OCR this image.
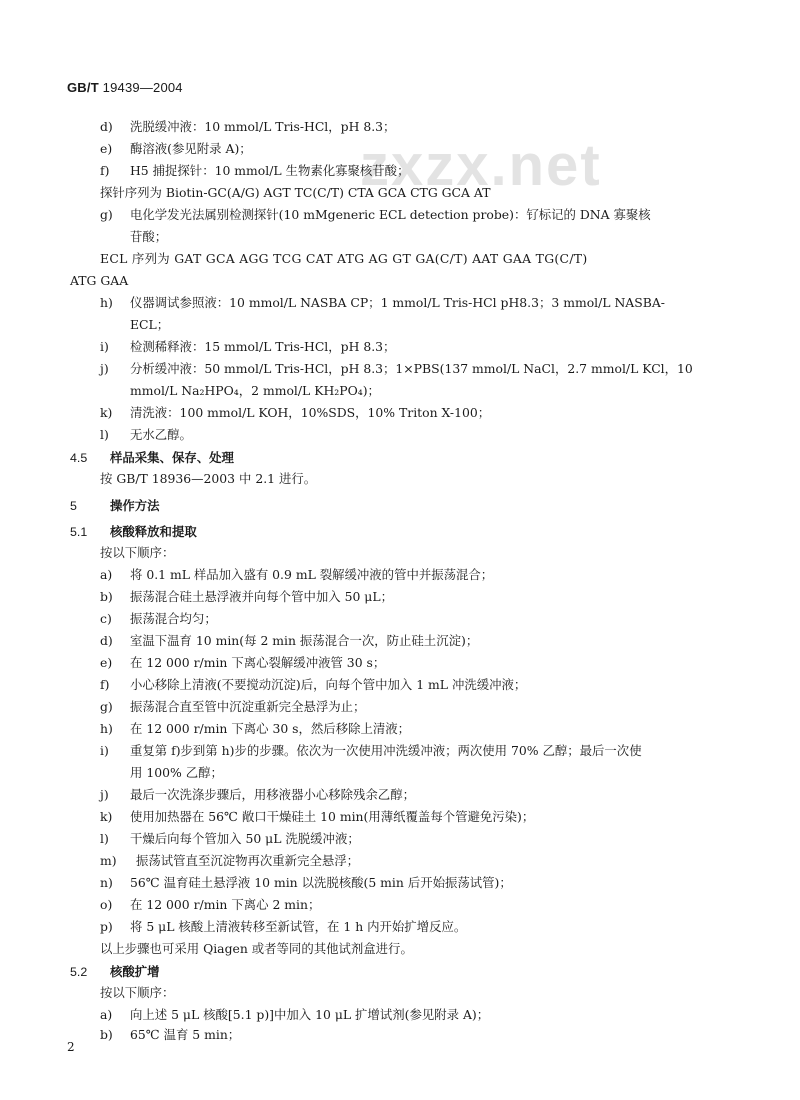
GB/T 19439—2004
zxzx.net
d) 洗脱缓冲液：10 mmol/L Tris-HCl，pH 8.3；
e) 酶溶液(参见附录 A)；
f) H5 捕捉探针：10 mmol/L 生物素化寡聚核苷酸；
探针序列为 Biotin-GC(A/G) AGT TC(C/T) CTA GCA CTG GCA AT
g) 电化学发光法属别检测探针(10 mMgeneric ECL detection probe)：钌标记的 DNA 寡聚核
苷酸；
ECL 序列为 GAT GCA AGG TCG CAT ATG AG GT GA(C/T) AAT GAA TG(C/T)
ATG GAA
h) 仪器调试参照液：10 mmol/L NASBA CP；1 mmol/L Tris-HCl pH8.3；3 mmol/L NASBA-
ECL；
i) 检测稀释液：15 mmol/L Tris-HCl，pH 8.3；
j) 分析缓冲液：50 mmol/L Tris-HCl，pH 8.3；1×PBS(137 mmol/L NaCl，2.7 mmol/L KCl，10
mmol/L Na₂HPO₄，2 mmol/L KH₂PO₄)；
k) 清洗液：100 mmol/L KOH，10%SDS，10% Triton X-100；
l) 无水乙醇。
4.5 样品采集、保存、处理
按 GB/T 18936—2003 中 2.1 进行。
5	操作方法
5.1 核酸释放和提取
按以下顺序：
a) 将 0.1 mL 样品加入盛有 0.9 mL 裂解缓冲液的管中并振荡混合；
b) 振荡混合硅土悬浮液并向每个管中加入 50 μL；
c) 振荡混合均匀；
d) 室温下温育 10 min(每 2 min 振荡混合一次，防止硅土沉淀)；
e) 在 12 000 r/min 下离心裂解缓冲液管 30 s；
f) 小心移除上清液(不要搅动沉淀)后，向每个管中加入 1 mL 冲洗缓冲液；
g) 振荡混合直至管中沉淀重新完全悬浮为止；
h) 在 12 000 r/min 下离心 30 s，然后移除上清液；
i) 重复第 f)步到第 h)步的步骤。依次为一次使用冲洗缓冲液；两次使用 70% 乙醇；最后一次使
用 100% 乙醇；
j) 最后一次洗涤步骤后，用移液器小心移除残余乙醇；
k) 使用加热器在 56℃ 敞口干燥硅土 10 min(用薄纸覆盖每个管避免污染)；
l) 干燥后向每个管加入 50 μL 洗脱缓冲液；
m) 振荡试管直至沉淀物再次重新完全悬浮；
n) 56℃ 温育硅土悬浮液 10 min 以洗脱核酸(5 min 后开始振荡试管)；
o) 在 12 000 r/min 下离心 2 min；
p) 将 5 μL 核酸上清液转移至新试管，在 1 h 内开始扩增反应。
以上步骤也可采用 Qiagen 或者等同的其他试剂盒进行。
5.2 核酸扩增
按以下顺序：
a) 向上述 5 μL 核酸[5.1 p)]中加入 10 μL 扩增试剂(参见附录 A)；
b) 65℃ 温育 5 min；
2
